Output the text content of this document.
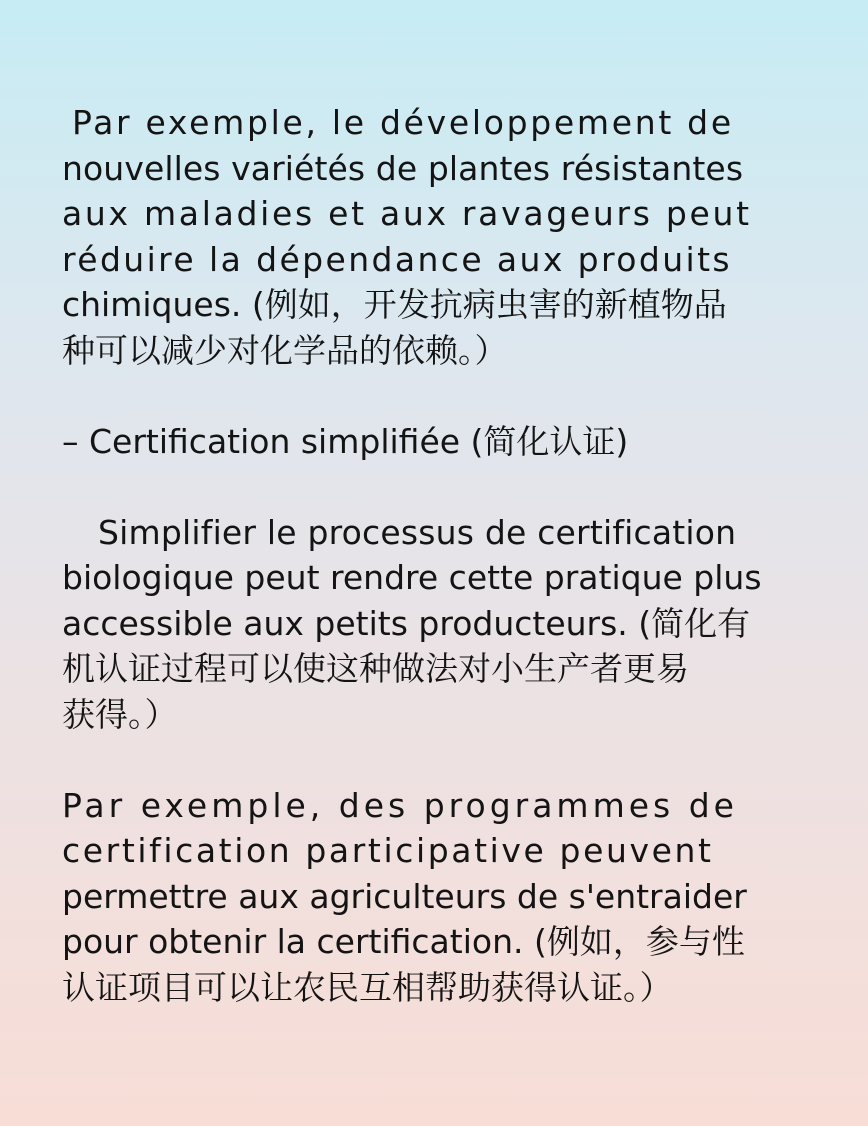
Par exemple, le développement de
nouvelles variétés de plantes résistantes
aux maladies et aux ravageurs peut
réduire la dépendance aux produits
chimiques. (例如，开发抗病虫害的新植物品
种可以减少对化学品的依赖。）
– Certification simplifiée (简化认证)
Simplifier le processus de certification
biologique peut rendre cette pratique plus
accessible aux petits producteurs. (简化有
机认证过程可以使这种做法对小生产者更易
获得。）
Par exemple, des programmes de
certification participative peuvent
permettre aux agriculteurs de s'entraider
pour obtenir la certification. (例如，参与性
认证项目可以让农民互相帮助获得认证。）
